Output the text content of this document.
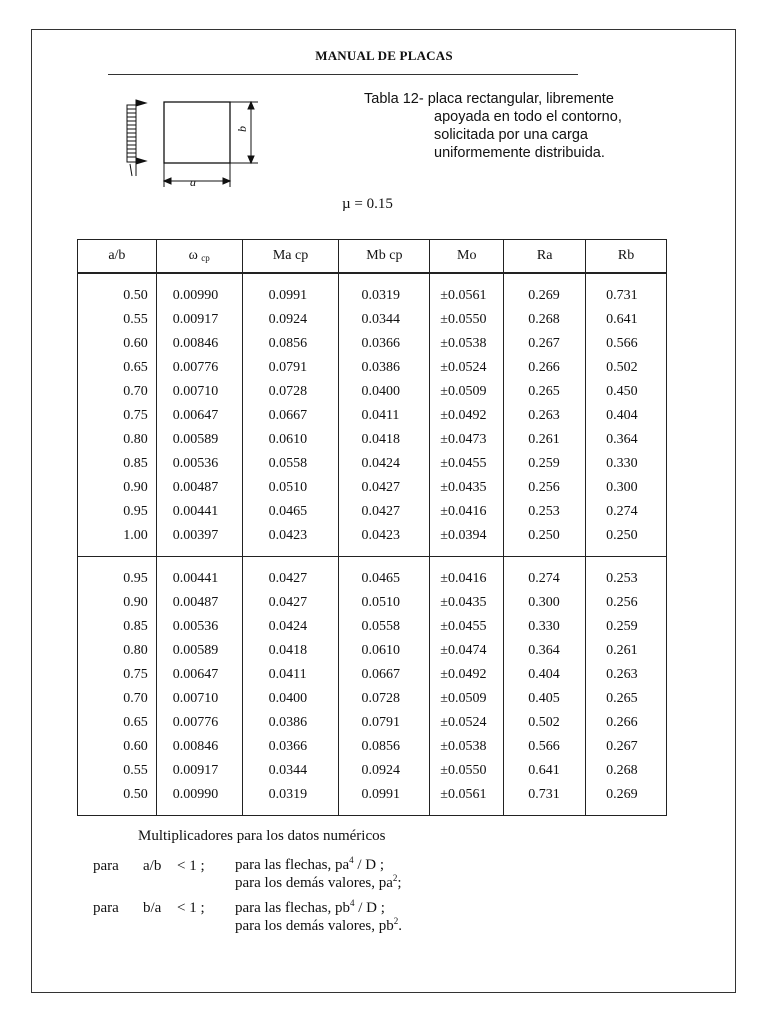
MANUAL DE PLACAS
b
a
Tabla 12- placa rectangular, libremente
apoyada en todo el contorno,
solicitada por una carga
uniformemente distribuida.
µ = 0.15
a/b	ω $_{cp}$	Ma cp	Mb cp	Mo	Ra	Rb
0.50	0.00990	0.0991	0.0319	±0.0561	0.269	0.731
0.55	0.00917	0.0924	0.0344	±0.0550	0.268	0.641
0.60	0.00846	0.0856	0.0366	±0.0538	0.267	0.566
0.65	0.00776	0.0791	0.0386	±0.0524	0.266	0.502
0.70	0.00710	0.0728	0.0400	±0.0509	0.265	0.450
0.75	0.00647	0.0667	0.0411	±0.0492	0.263	0.404
0.80	0.00589	0.0610	0.0418	±0.0473	0.261	0.364
0.85	0.00536	0.0558	0.0424	±0.0455	0.259	0.330
0.90	0.00487	0.0510	0.0427	±0.0435	0.256	0.300
0.95	0.00441	0.0465	0.0427	±0.0416	0.253	0.274
1.00	0.00397	0.0423	0.0423	±0.0394	0.250	0.250
0.95	0.00441	0.0427	0.0465	±0.0416	0.274	0.253
0.90	0.00487	0.0427	0.0510	±0.0435	0.300	0.256
0.85	0.00536	0.0424	0.0558	±0.0455	0.330	0.259
0.80	0.00589	0.0418	0.0610	±0.0474	0.364	0.261
0.75	0.00647	0.0411	0.0667	±0.0492	0.404	0.263
0.70	0.00710	0.0400	0.0728	±0.0509	0.405	0.265
0.65	0.00776	0.0386	0.0791	±0.0524	0.502	0.266
0.60	0.00846	0.0366	0.0856	±0.0538	0.566	0.267
0.55	0.00917	0.0344	0.0924	±0.0550	0.641	0.268
0.50	0.00990	0.0319	0.0991	±0.0561	0.731	0.269
Multiplicadores para los datos numéricos
para a/b < 1 ; para las flechas, $pa^4$ / D ;
para los demás valores, $pa^2$;
para b/a < 1 ; para las flechas, $pb^4$ / D ;
para los demás valores, $pb^2$.
